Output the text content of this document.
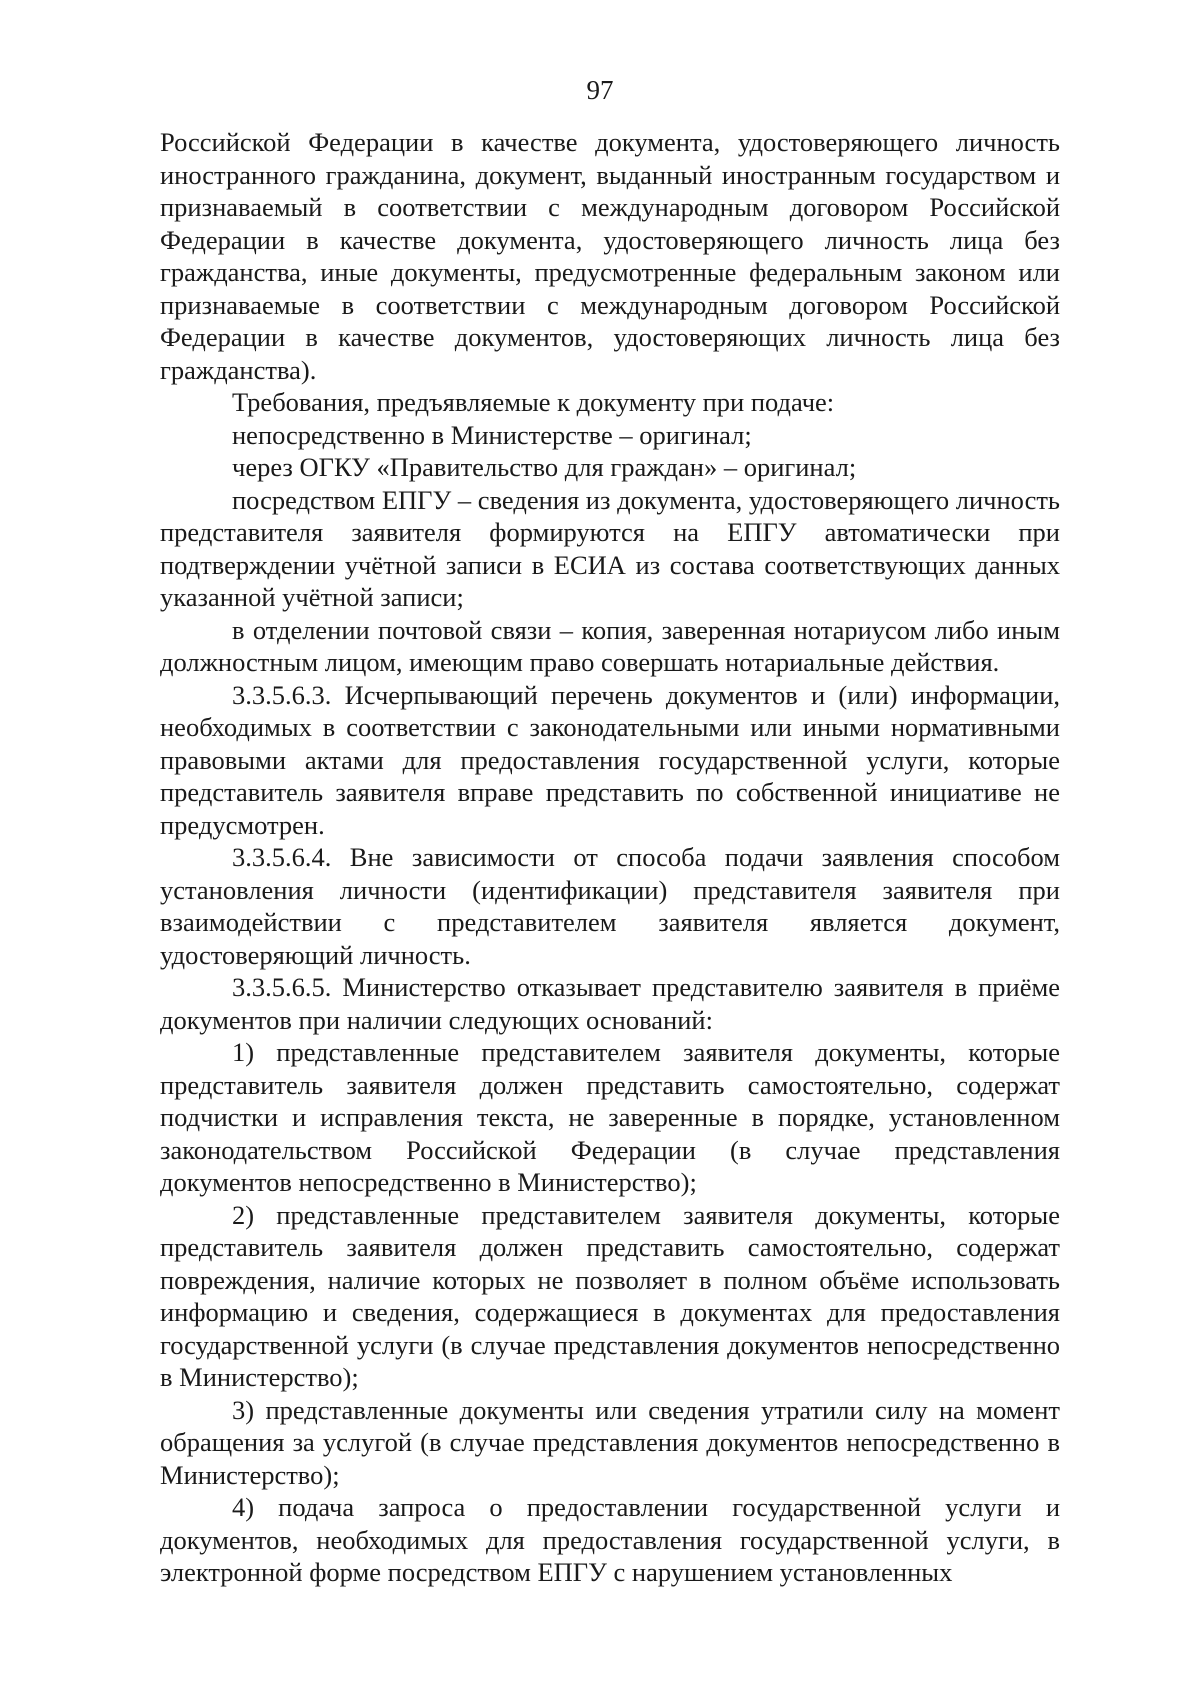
97

Российской Федерации в качестве документа, удостоверяющего личность иностранного гражданина, документ, выданный иностранным государством и признаваемый в соответствии с международным договором Российской Федерации в качестве документа, удостоверяющего личность лица без гражданства, иные документы, предусмотренные федеральным законом или признаваемые в соответствии с международным договором Российской Федерации в качестве документов, удостоверяющих личность лица без гражданства).

Требования, предъявляемые к документу при подаче:

непосредственно в Министерстве – оригинал;

через ОГКУ «Правительство для граждан» – оригинал;

посредством ЕПГУ – сведения из документа, удостоверяющего личность представителя заявителя формируются на ЕПГУ автоматически при подтверждении учётной записи в ЕСИА из состава соответствующих данных указанной учётной записи;

в отделении почтовой связи – копия, заверенная нотариусом либо иным должностным лицом, имеющим право совершать нотариальные действия.

3.3.5.6.3. Исчерпывающий перечень документов и (или) информации, необходимых в соответствии с законодательными или иными нормативными правовыми актами для предоставления государственной услуги, которые представитель заявителя вправе представить по собственной инициативе не предусмотрен.

3.3.5.6.4. Вне зависимости от способа подачи заявления способом установления личности (идентификации) представителя заявителя при взаимодействии с представителем заявителя является документ, удостоверяющий личность.

3.3.5.6.5. Министерство отказывает представителю заявителя в приёме документов при наличии следующих оснований:

1) представленные представителем заявителя документы, которые представитель заявителя должен представить самостоятельно, содержат подчистки и исправления текста, не заверенные в порядке, установленном законодательством Российской Федерации (в случае представления документов непосредственно в Министерство);

2) представленные представителем заявителя документы, которые представитель заявителя должен представить самостоятельно, содержат повреждения, наличие которых не позволяет в полном объёме использовать информацию и сведения, содержащиеся в документах для предоставления государственной услуги (в случае представления документов непосредственно в Министерство);

3) представленные документы или сведения утратили силу на момент обращения за услугой (в случае представления документов непосредственно в Министерство);

4) подача запроса о предоставлении государственной услуги и документов, необходимых для предоставления государственной услуги, в электронной форме посредством ЕПГУ с нарушением установленных
